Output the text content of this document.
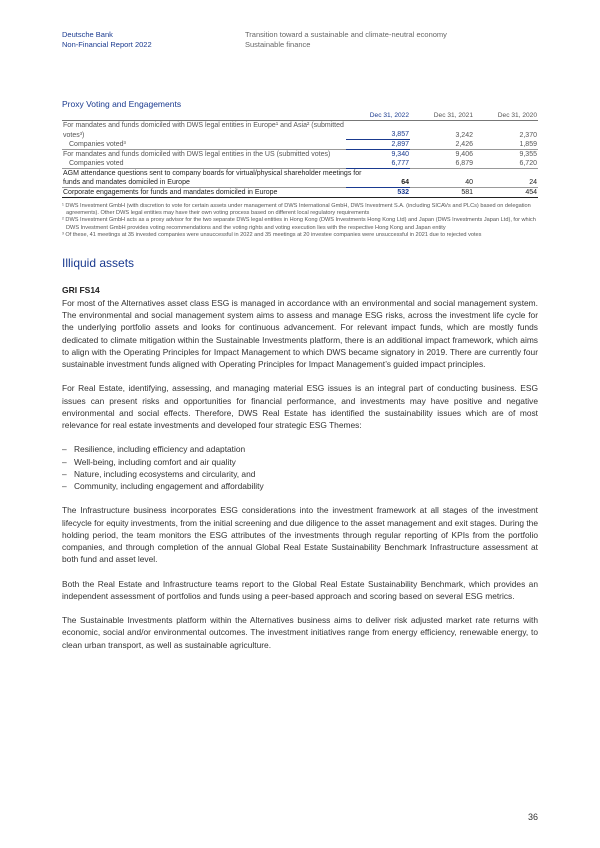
Deutsche Bank
Non-Financial Report 2022
Transition toward a sustainable and climate-neutral economy
Sustainable finance
Proxy Voting and Engagements
	Dec 31, 2022	Dec 31, 2021	Dec 31, 2020
For mandates and funds domiciled with DWS legal entities in Europe¹ and Asia² (submitted			
votes³)	3,857	3,242	2,370
Companies voted³	2,897	2,426	1,859
For mandates and funds domiciled with DWS legal entities in the US (submitted votes)	9,340	9,406	9,355
Companies voted	6,777	6,879	6,720
AGM attendance questions sent to company boards for virtual/physical shareholder meetings for			
funds and mandates domiciled in Europe	64	40	24
Corporate engagements for funds and mandates domiciled in Europe	532	581	454

¹ DWS Investment GmbH (with discretion to vote for certain assets under management of DWS International GmbH, DWS Investment S.A. (including SICAVs and PLCs) based on delegation agreements). Other DWS legal entities may have their own voting process based on different local regulatory requirements

² DWS Investment GmbH acts as a proxy advisor for the two separate DWS legal entities in Hong Kong (DWS Investments Hong Kong Ltd) and Japan (DWS Investments Japan Ltd), for which DWS Investment GmbH provides voting recommendations and the voting rights and voting execution lies with the respective Hong Kong and Japan entity

³ Of these, 41 meetings at 35 invested companies were unsuccessful in 2022 and 35 meetings at 20 investee companies were unsuccessful in 2021 due to rejected votes

Illiquid assets
GRI FS14

For most of the Alternatives asset class ESG is managed in accordance with an environmental and social management system. The environmental and social management system aims to assess and manage ESG risks, across the investment life cycle for the underlying portfolio assets and looks for continuous advancement. For relevant impact funds, which are mostly funds dedicated to climate mitigation within the Sustainable Investments platform, there is an additional impact framework, which aims to align with the Operating Principles for Impact Management to which DWS became signatory in 2019. There are currently four sustainable investment funds aligned with Operating Principles for Impact Management’s guided impact principles.

For Real Estate, identifying, assessing, and managing material ESG issues is an integral part of conducting business. ESG issues can present risks and opportunities for financial performance, and investments may have positive and negative environmental and social effects. Therefore, DWS Real Estate has identified the sustainability issues which are of most relevance for real estate investments and developed four strategic ESG Themes:

– Resilience, including efficiency and adaptation
– Well-being, including comfort and air quality
– Nature, including ecosystems and circularity, and
– Community, including engagement and affordability

The Infrastructure business incorporates ESG considerations into the investment framework at all stages of the investment lifecycle for equity investments, from the initial screening and due diligence to the asset management and exit stages. During the holding period, the team monitors the ESG attributes of the investments through regular reporting of KPIs from the portfolio companies, and through completion of the annual Global Real Estate Sustainability Benchmark Infrastructure assessment at both fund and asset level.

Both the Real Estate and Infrastructure teams report to the Global Real Estate Sustainability Benchmark, which provides an independent assessment of portfolios and funds using a peer-based approach and scoring based on several ESG metrics.

The Sustainable Investments platform within the Alternatives business aims to deliver risk adjusted market rate returns with economic, social and/or environmental outcomes. The investment initiatives range from energy efficiency, renewable energy, to clean urban transport, as well as sustainable agriculture.

36
